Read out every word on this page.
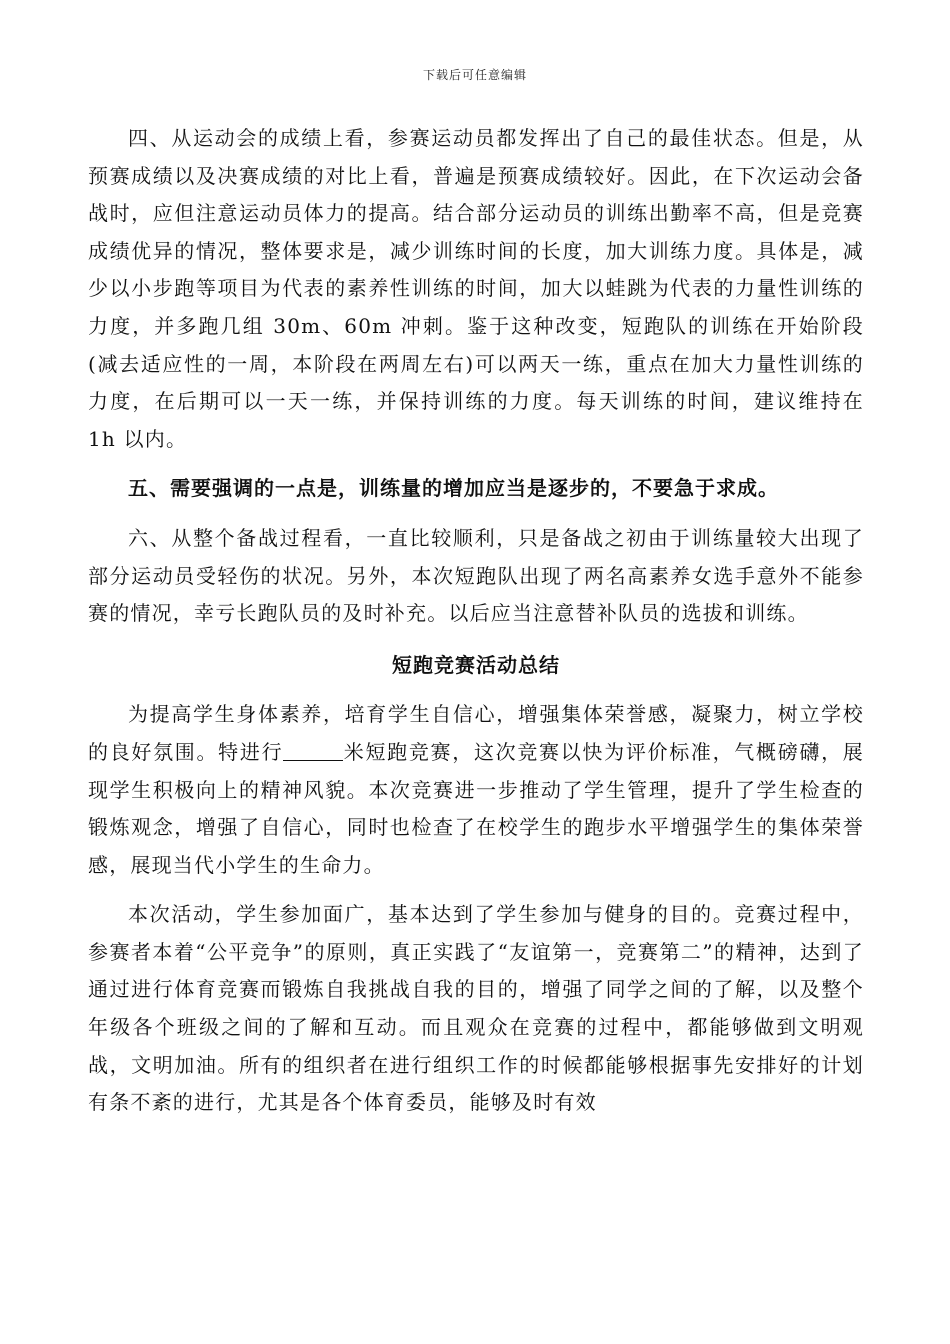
下载后可任意编辑

四、从运动会的成绩上看，参赛运动员都发挥出了自己的最佳状态。但是，从预赛成绩以及决赛成绩的对比上看，普遍是预赛成绩较好。因此，在下次运动会备战时，应但注意运动员体力的提高。结合部分运动员的训练出勤率不高，但是竞赛成绩优异的情况，整体要求是，减少训练时间的长度，加大训练力度。具体是，减少以小步跑等项目为代表的素养性训练的时间，加大以蛙跳为代表的力量性训练的力度，并多跑几组 30m、60m 冲刺。鉴于这种改变，短跑队的训练在开始阶段(减去适应性的一周，本阶段在两周左右)可以两天一练，重点在加大力量性训练的力度，在后期可以一天一练，并保持训练的力度。每天训练的时间，建议维持在 1h 以内。

五、需要强调的一点是，训练量的增加应当是逐步的，不要急于求成。

六、从整个备战过程看，一直比较顺利，只是备战之初由于训练量较大出现了部分运动员受轻伤的状况。另外，本次短跑队出现了两名高素养女选手意外不能参赛的情况，幸亏长跑队员的及时补充。以后应当注意替补队员的选拔和训练。

短跑竞赛活动总结

为提高学生身体素养，培育学生自信心，增强集体荣誉感，凝聚力，树立学校的良好氛围。特进行	米短跑竞赛，这次竞赛以快为评价标准，气概磅礴，展现学生积极向上的精神风貌。本次竞赛进一步推动了学生管理，提升了学生检查的锻炼观念，增强了自信心，同时也检查了在校学生的跑步水平增强学生的集体荣誉感，展现当代小学生的生命力。

本次活动，学生参加面广，基本达到了学生参加与健身的目的。竞赛过程中，参赛者本着“公平竞争”的原则，真正实践了“友谊第一，竞赛第二”的精神，达到了通过进行体育竞赛而锻炼自我挑战自我的目的，增强了同学之间的了解，以及整个年级各个班级之间的了解和互动。而且观众在竞赛的过程中，都能够做到文明观战，文明加油。所有的组织者在进行组织工作的时候都能够根据事先安排好的计划有条不紊的进行，尤其是各个体育委员，能够及时有效
